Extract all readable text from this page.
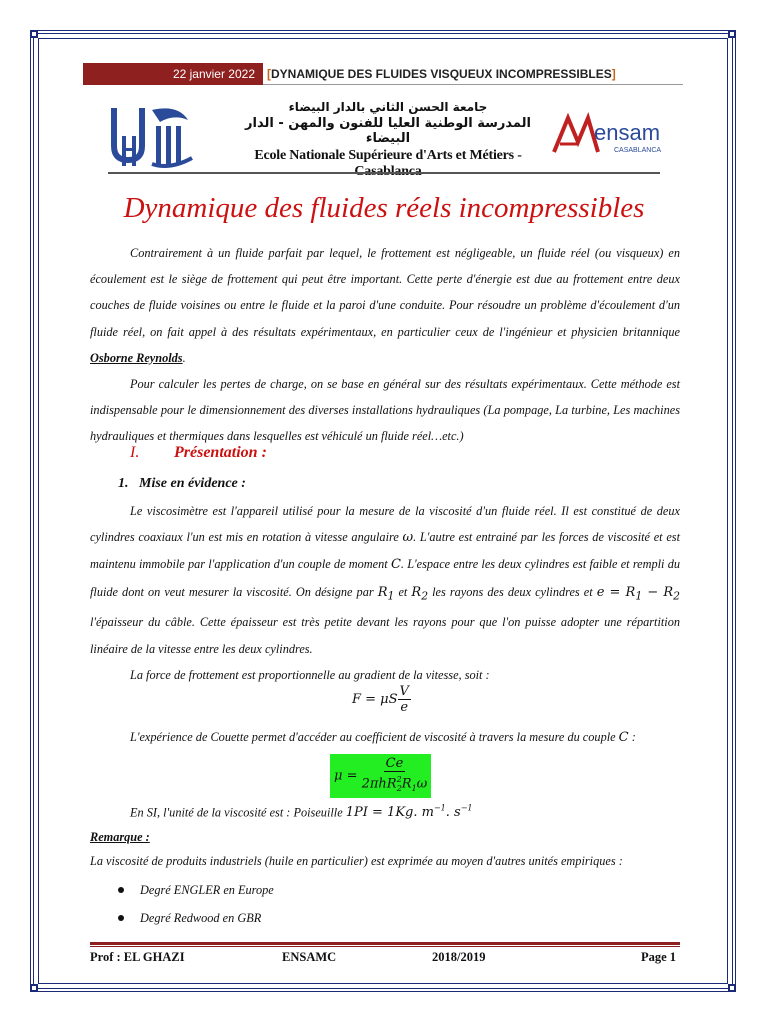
22 janvier 2022	[ DYNAMIQUE DES FLUIDES VISQUEUX INCOMPRESSIBLES ]
جامعة الحسن الثاني بالدار البيضاء
المدرسة الوطنية العليا للفنون والمهن - الدار البيضاء
Ecole Nationale Supérieure d'Arts et Métiers -
ensam
CASABLANCA
Dynamique des fluides réels incompressibles

Contrairement à un fluide parfait par lequel, le frottement est négligeable, un fluide réel (ou visqueux) en écoulement est le siège de frottement qui peut être important. Cette perte d'énergie est due au frottement entre deux couches de fluide voisines ou entre le fluide et la paroi d'une conduite. Pour résoudre un problème d'écoulement d'un fluide réel, on fait appel à des résultats expérimentaux, en particulier ceux de l'ingénieur et physicien britannique Osborne Reynolds.

Pour calculer les pertes de charge, on se base en général sur des résultats expérimentaux. Cette méthode est indispensable pour le dimensionnement des diverses installations hydrauliques (La pompage, La turbine, Les machines hydrauliques et thermiques dans lesquelles est véhiculé un fluide réel…etc.)

I. Présentation :
1. Mise en évidence :

Le viscosimètre est l'appareil utilisé pour la mesure de la viscosité d'un fluide réel. Il est constitué de deux cylindres coaxiaux l'un est mis en rotation à vitesse angulaire ω. L'autre est entrainé par les forces de viscosité et est maintenu immobile par l'application d'un couple de moment C. L'espace entre les deux cylindres est faible et rempli du fluide dont on veut mesurer la viscosité. On désigne par $R_1$ et $R_2$ les rayons des deux cylindres et $e = R_1 - R_2$ l'épaisseur du câble. Cette épaisseur est très petite devant les rayons pour que l'on puisse adopter une répartition linéaire de la vitesse entre les deux cylindres.

La force de frottement est proportionnelle au gradient de la vitesse, soit :

F = μS $\frac{V}{e}$
L'expérience de Couette permet d'accéder au coefficient de viscosité à travers la mesure du couple C :
$\mu = \frac{Ce}{2\pi hR^2_2R_1\omega}$
En SI, l'unité de la viscosité est : Poiseuille 1PI = 1Kg. $m^{-1}$. $s^{-1}$
Remarque :
La viscosité de produits industriels (huile en particulier) est exprimée au moyen d'autres unités empiriques :
Degré ENGLER en Europe
Degré Redwood en GBR
Prof : EL GHAZI	ENSAMC	2018/2019	Page 1
